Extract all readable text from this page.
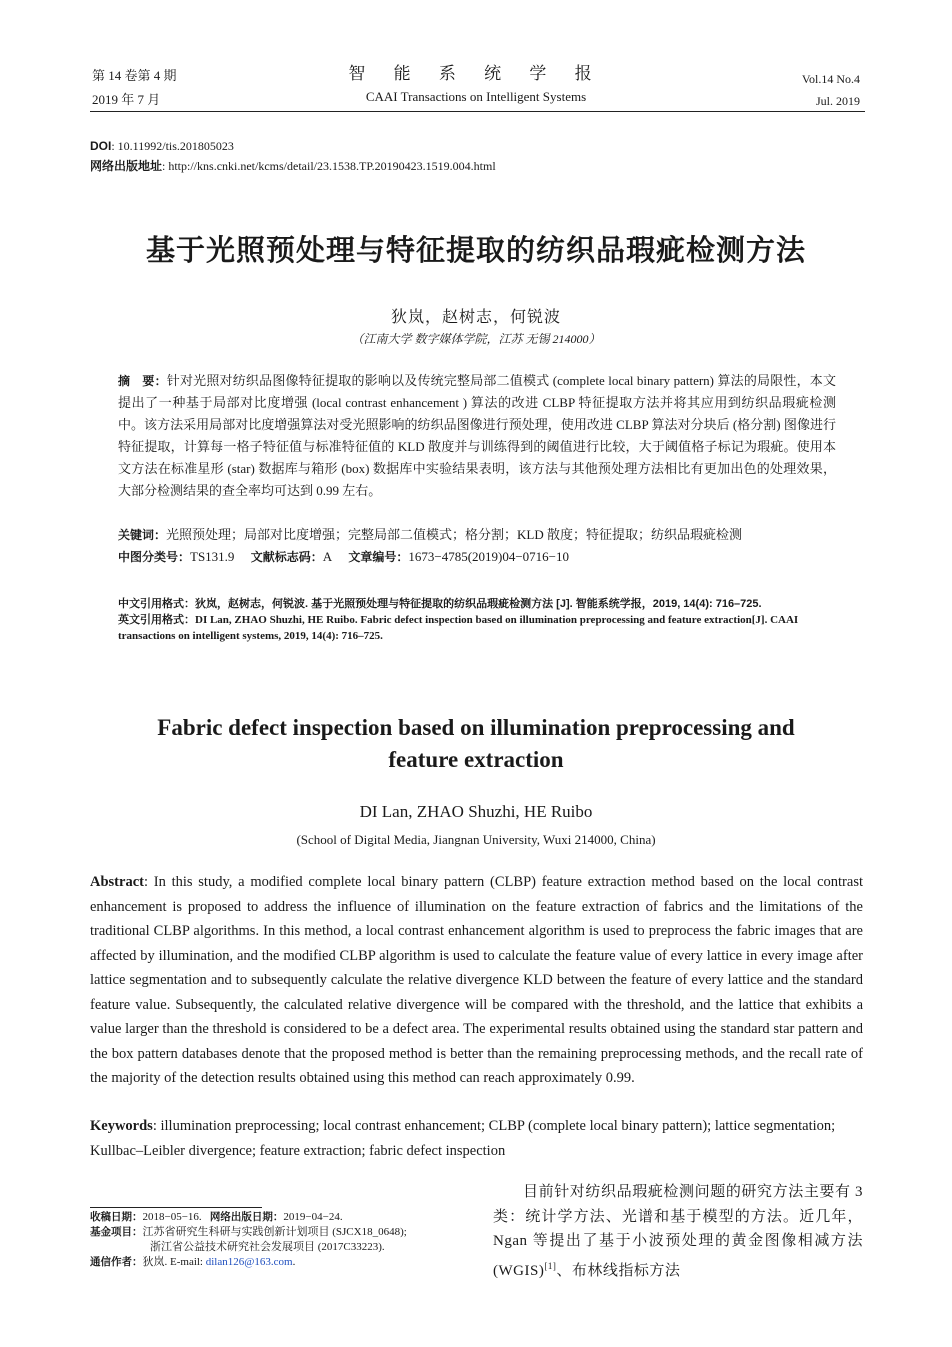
第 14 卷第 4 期
2019 年 7 月
智 能 系 统 学 报
CAAI Transactions on Intelligent Systems
Vol.14 No.4
Jul. 2019
DOI: 10.11992/tis.201805023
网络出版地址: http://kns.cnki.net/kcms/detail/23.1538.TP.20190423.1519.004.html
基于光照预处理与特征提取的纺织品瑕疵检测方法
狄岚，赵树志，何锐波
（江南大学 数字媒体学院，江苏 无锡 214000）
摘　要：针对光照对纺织品图像特征提取的影响以及传统完整局部二值模式 (complete local binary pattern) 算法的局限性，本文提出了一种基于局部对比度增强 (local contrast enhancement ) 算法的改进 CLBP 特征提取方法并将其应用到纺织品瑕疵检测中。该方法采用局部对比度增强算法对受光照影响的纺织品图像进行预处理，使用改进 CLBP 算法对分块后 (格分割) 图像进行特征提取，计算每一格子特征值与标准特征值的 KLD 散度并与训练得到的阈值进行比较，大于阈值格子标记为瑕疵。使用本文方法在标准星形 (star) 数据库与箱形 (box) 数据库中实验结果表明，该方法与其他预处理方法相比有更加出色的处理效果，大部分检测结果的查全率均可达到 0.99 左右。
关键词：光照预处理；局部对比度增强；完整局部二值模式；格分割；KLD 散度；特征提取；纺织品瑕疵检测
中图分类号：TS131.9 文献标志码：A 文章编号：1673−4785(2019)04−0716−10
中文引用格式：狄岚，赵树志，何锐波. 基于光照预处理与特征提取的纺织品瑕疵检测方法 [J]. 智能系统学报，2019, 14(4): 716–725.
英文引用格式：DI Lan, ZHAO Shuzhi, HE Ruibo. Fabric defect inspection based on illumination preprocessing and feature extraction[J]. CAAI transactions on intelligent systems, 2019, 14(4): 716–725.
Fabric defect inspection based on illumination preprocessing and feature extraction
DI Lan, ZHAO Shuzhi, HE Ruibo
(School of Digital Media, Jiangnan University, Wuxi 214000, China)
Abstract: In this study, a modified complete local binary pattern (CLBP) feature extraction method based on the local contrast enhancement is proposed to address the influence of illumination on the feature extraction of fabrics and the limitations of the traditional CLBP algorithms. In this method, a local contrast enhancement algorithm is used to preprocess the fabric images that are affected by illumination, and the modified CLBP algorithm is used to calculate the feature value of every lattice in every image after lattice segmentation and to subsequently calculate the relative divergence KLD between the feature of every lattice and the standard feature value. Subsequently, the calculated relative divergence will be compared with the threshold, and the lattice that exhibits a value larger than the threshold is considered to be a defect area. The experimental results obtained using the standard star pattern and the box pattern databases denote that the proposed method is better than the remaining preprocessing methods, and the recall rate of the majority of the detection results obtained using this method can reach approximately 0.99.
Keywords: illumination preprocessing; local contrast enhancement; CLBP (complete local binary pattern); lattice segmentation; Kullbac–Leibler divergence; feature extraction; fabric defect inspection
收稿日期：2018−05−16. 网络出版日期：2019−04−24.
基金项目：江苏省研究生科研与实践创新计划项目 (SJCX18_0648);
浙江省公益技术研究社会发展项目 (2017C33223).
通信作者：狄岚. E-mail: dilan126@163.com.
目前针对纺织品瑕疵检测问题的研究方法主要有 3 类：统计学方法、光谱和基于模型的方法。近几年，Ngan 等提出了基于小波预处理的黄金图像相减方法 (WGIS)[1]、布林线指标方法
